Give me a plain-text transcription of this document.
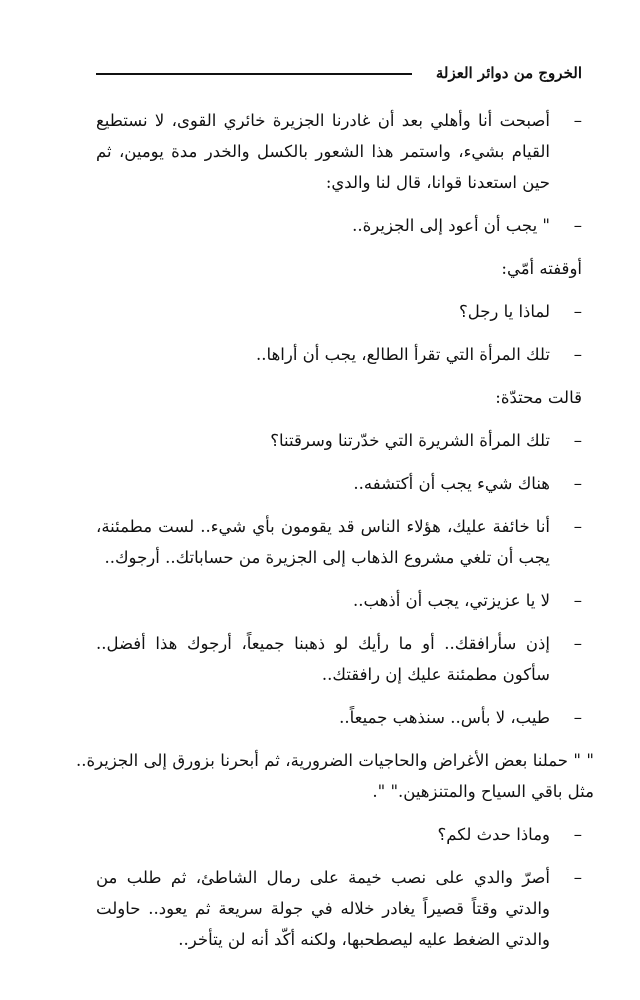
الخروج من دوائر العزلة

–
أصبحت أنا وأهلي بعد أن غادرنا الجزيرة خائري القوى، لا نستطيع القيام بشيء، واستمر هذا الشعور بالكسل والخدر مدة يومين، ثم حين استعدنا قوانا، قال لنا والدي:

–
" يجب أن أعود إلى الجزيرة..

أوقفته أمّي:

–
لماذا يا رجل؟

–
تلك المرأة التي تقرأ الطالع، يجب أن أراها..

قالت محتدّة:

–
تلك المرأة الشريرة التي خدّرتنا وسرقتنا؟

–
هناك شيء يجب أن أكتشفه..

–
أنا خائفة عليك، هؤلاء الناس قد يقومون بأي شيء.. لست مطمئنة، يجب أن تلغي مشروع الذهاب إلى الجزيرة من حساباتك.. أرجوك..

–
لا يا عزيزتي، يجب أن أذهب..

–
إذن سأرافقك.. أو ما رأيك لو ذهبنا جميعاً، أرجوك هذا أفضل.. سأكون مطمئنة عليك إن رافقتك..

–
طيب، لا بأس.. سنذهب جميعاً..

" " حملنا بعض الأغراض والحاجيات الضرورية، ثم أبحرنا بزورق إلى الجزيرة.. مثل باقي السياح والمتنزهين." ".

–
وماذا حدث لكم؟

–
أصرّ والدي على نصب خيمة على رمال الشاطئ، ثم طلب من والدتي وقتاً قصيراً يغادر خلاله في جولة سريعة ثم يعود.. حاولت والدتي الضغط عليه ليصطحبها، ولكنه أكّد أنه لن يتأخر..
